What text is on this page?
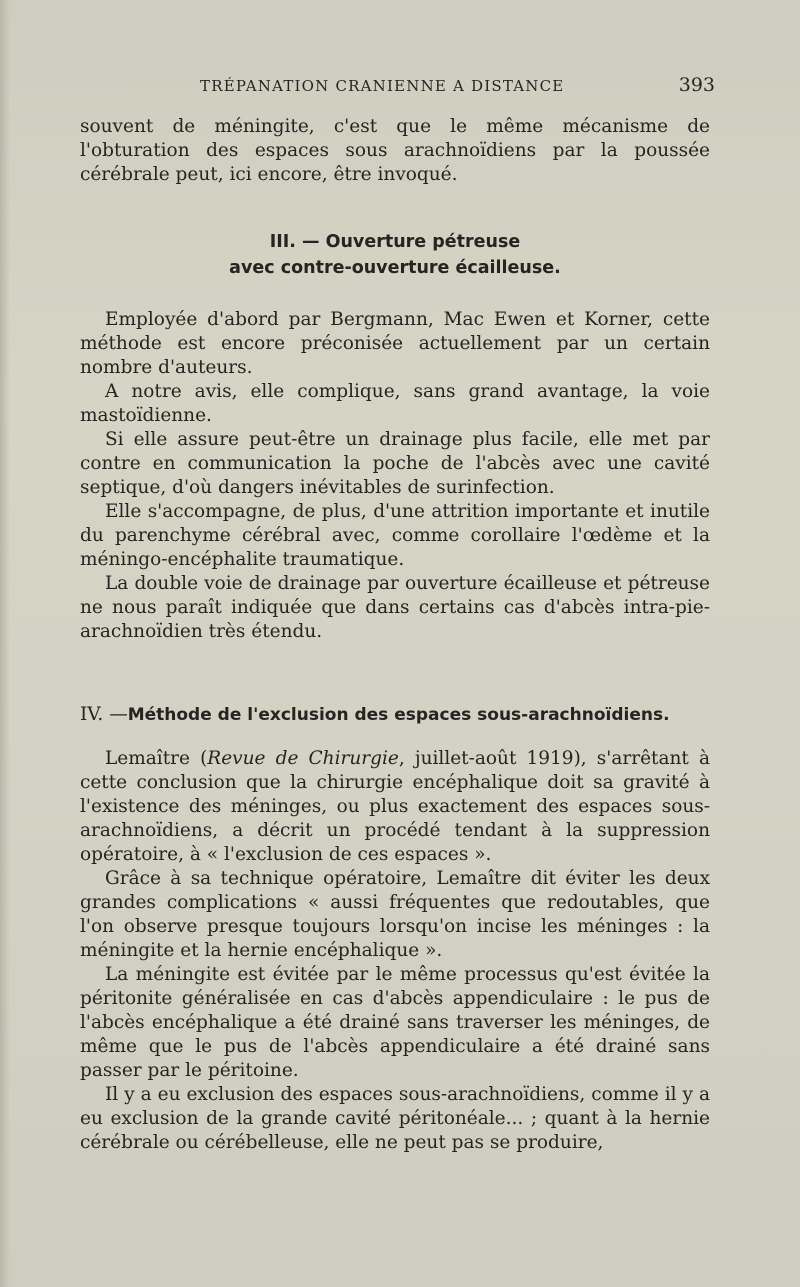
TRÉPANATION CRANIENNE A DISTANCE	393

souvent de méningite, c'est que le même mécanisme de l'obturation des espaces sous arachnoïdiens par la poussée cérébrale peut, ici encore, être invoqué.

III. — Ouverture pétreuse
avec contre-ouverture écailleuse.

Employée d'abord par Bergmann, Mac Ewen et Korner, cette méthode est encore préconisée actuellement par un certain nombre d'auteurs.

A notre avis, elle complique, sans grand avantage, la voie mastoïdienne.

Si elle assure peut-être un drainage plus facile, elle met par contre en communication la poche de l'abcès avec une cavité septique, d'où dangers inévitables de surinfection.

Elle s'accompagne, de plus, d'une attrition importante et inutile du parenchyme cérébral avec, comme corollaire l'œdème et la méningo-encéphalite traumatique.

La double voie de drainage par ouverture écailleuse et pétreuse ne nous paraît indiquée que dans certains cas d'abcès intra-pie-arachnoïdien très étendu.

IV. —Méthode de l'exclusion des espaces sous-arachnoïdiens.

Lemaître (Revue de Chirurgie, juillet-août 1919), s'arrêtant à cette conclusion que la chirurgie encéphalique doit sa gravité à l'existence des méninges, ou plus exactement des espaces sous-arachnoïdiens, a décrit un procédé tendant à la suppression opératoire, à « l'exclusion de ces espaces ».

Grâce à sa technique opératoire, Lemaître dit éviter les deux grandes complications « aussi fréquentes que redoutables, que l'on observe presque toujours lorsqu'on incise les méninges : la méningite et la hernie encéphalique ».

La méningite est évitée par le même processus qu'est évitée la péritonite généralisée en cas d'abcès appendiculaire : le pus de l'abcès encéphalique a été drainé sans traverser les méninges, de même que le pus de l'abcès appendiculaire a été drainé sans passer par le péritoine.

Il y a eu exclusion des espaces sous-arachnoïdiens, comme il y a eu exclusion de la grande cavité péritonéale... ; quant à la hernie cérébrale ou cérébelleuse, elle ne peut pas se produire,
